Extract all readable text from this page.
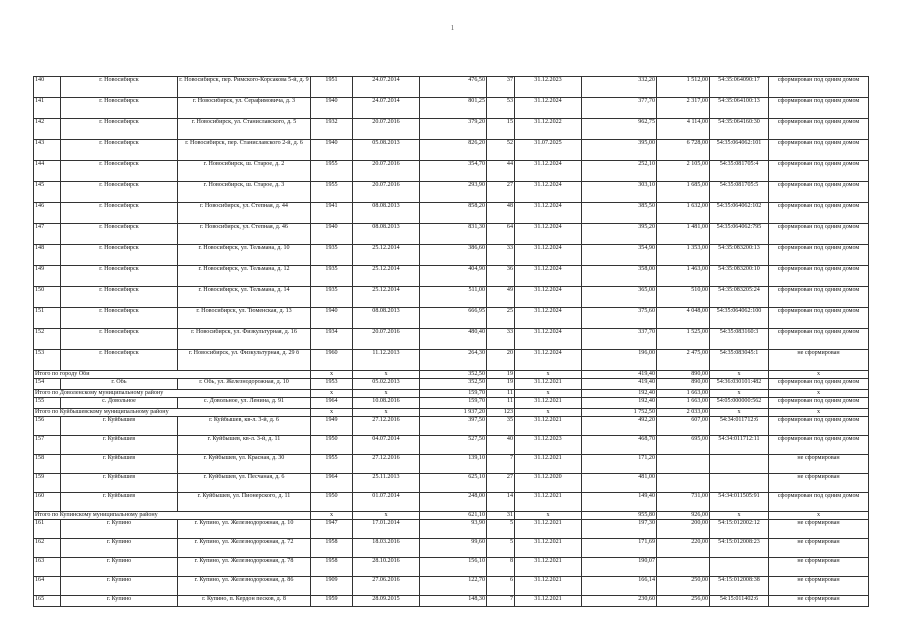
1
140	г. Новосибирск	г. Новосибирск, пер. Римского-Корсакова 5-й, д. 9	1951	24.07.2014	476,50	37	31.12.2023	332,20	1 512,00	54:35:064090:17	сформирован под одним домом
141	г. Новосибирск	г. Новосибирск, ул. Серафимовича, д. 3	1940	24.07.2014	801,25	53	31.12.2024	377,70	2 317,00	54:35:064100:13	сформирован под одним домом
142	г. Новосибирск	г. Новосибирск, ул. Станиславского, д. 5	1932	20.07.2016	379,20	15	31.12.2022	962,75	4 114,00	54:35:064160:30	сформирован под одним домом
143	г. Новосибирск	г. Новосибирск, пер. Станиславского 2-й, д. 6	1940	05.08.2013	826,20	52	31.07.2025	395,00	6 728,00	54:35:064062:101	сформирован под одним домом
144	г. Новосибирск	г. Новосибирск, ш. Старое, д. 2	1955	20.07.2016	354,70	44	31.12.2024	252,10	2 105,00	54:35:081705:4	сформирован под одним домом
145	г. Новосибирск	г. Новосибирск, ш. Старое, д. 3	1955	20.07.2016	293,90	27	31.12.2024	303,10	1 685,00	54:35:081705:5	сформирован под одним домом
146	г. Новосибирск	г. Новосибирск, ул. Степная, д. 44	1941	08.08.2013	858,20	48	31.12.2024	385,50	1 632,00	54:35:064062:102	сформирован под одним домом
147	г. Новосибирск	г. Новосибирск, ул. Степная, д. 46	1940	08.08.2013	831,30	64	31.12.2024	395,20	1 481,00	54:35:064062:795	сформирован под одним домом
148	г. Новосибирск	г. Новосибирск, ул. Тельмана, д. 10	1935	25.12.2014	386,60	33	31.12.2024	354,90	1 353,00	54:35:083200:13	сформирован под одним домом
149	г. Новосибирск	г. Новосибирск, ул. Тельмана, д. 12	1935	25.12.2014	404,90	36	31.12.2024	358,00	1 463,00	54:35:083200:10	сформирован под одним домом
150	г. Новосибирск	г. Новосибирск, ул. Тельмана, д. 14	1935	25.12.2014	511,00	49	31.12.2024	365,00	510,00	54:35:083205:24	сформирован под одним домом
151	г. Новосибирск	г. Новосибирск, ул. Тюменская, д. 13	1940	08.08.2013	666,95	25	31.12.2024	375,60	4 048,00	54:35:064062:100	сформирован под одним домом
152	г. Новосибирск	г. Новосибирск, ул. Физкультурная, д. 16	1934	20.07.2016	480,40	33	31.12.2024	337,70	1 525,00	54:35:083160:3	сформирован под одним домом
153	г. Новосибирск	г. Новосибирск, ул. Физкультурная, д. 29 б	1960	11.12.2013	264,30	20	31.12.2024	196,00	2 475,00	54:35:083045:1	не сформирован
Итого по городу Оби			x	x	352,50	19	x	419,40	890,00	x	x
154	г. Обь	г. Обь, ул. Железнодорожная, д. 10	1953	05.02.2013	352,50	19	31.12.2021	419,40	890,00	54:36:030101:482	сформирован под одним домом
Итого по Доволенскому муниципальному району			x	x	159,70	11	x	192,40	1 663,00	x	x
155	с. Довольное	с. Довольное, ул. Ленина, д. 91	1964	10.08.2016	159,70	11	31.12.2021	192,40	1 663,00	54:05:000000:562	сформирован под одним домом
Итого по Куйбышевскому муниципальному району			x	x	1 937,20	123	x	1 752,50	2 033,00	x	x
156	г. Куйбышев	г. Куйбышев, кв-л. 3-й, д. 6	1949	27.12.2016	397,50	35	31.12.2021	492,20	607,00	54:34:011712:6	сформирован под одним домом
157	г. Куйбышев	г. Куйбышев, кв-л. 3-й, д. 11	1950	04.07.2014	527,50	40	31.12.2023	468,70	695,00	54:34:011712:11	сформирован под одним домом
158	г. Куйбышев	г. Куйбышев, ул. Красная, д. 30	1955	27.12.2016	139,10	7	31.12.2021	171,20			не сформирован
159	г. Куйбышев	г. Куйбышев, ул. Песчаная, д. 6	1964	25.11.2013	625,10	27	31.12.2020	481,00			не сформирован
160	г. Куйбышев	г. Куйбышев, ул. Пионерского, д. 11	1950	01.07.2014	248,00	14	31.12.2021	149,40	731,00	54:34:011505:91	сформирован под одним домом
Итого по Купинскому муниципальному району			x	x	621,10	31	x	955,80	926,00	x	x
161	г. Купино	г. Купино, ул. Железнодорожная, д. 10	1947	17.01.2014	93,90	5	31.12.2021	197,30	200,00	54:15:012002:12	не сформирован
162	г. Купино	г. Купино, ул. Железнодорожная, д. 72	1958	18.03.2016	99,60	5	31.12.2021	171,69	220,00	54:15:012008:23	не сформирован
163	г. Купино	г. Купино, ул. Железнодорожная, д. 78	1958	28.10.2016	156,10	8	31.12.2021	190,07			не сформирован
164	г. Купино	г. Купино, ул. Железнодорожная, д. 86	1909	27.06.2016	122,70	6	31.12.2021	166,14	250,00	54:15:012008:38	не сформирован
165	г. Купино	г. Купино, п. Кердон песков, д. 8	1959	28.09.2015	148,30	7	31.12.2021	230,60	256,00	54:15:011402:6	не сформирован
